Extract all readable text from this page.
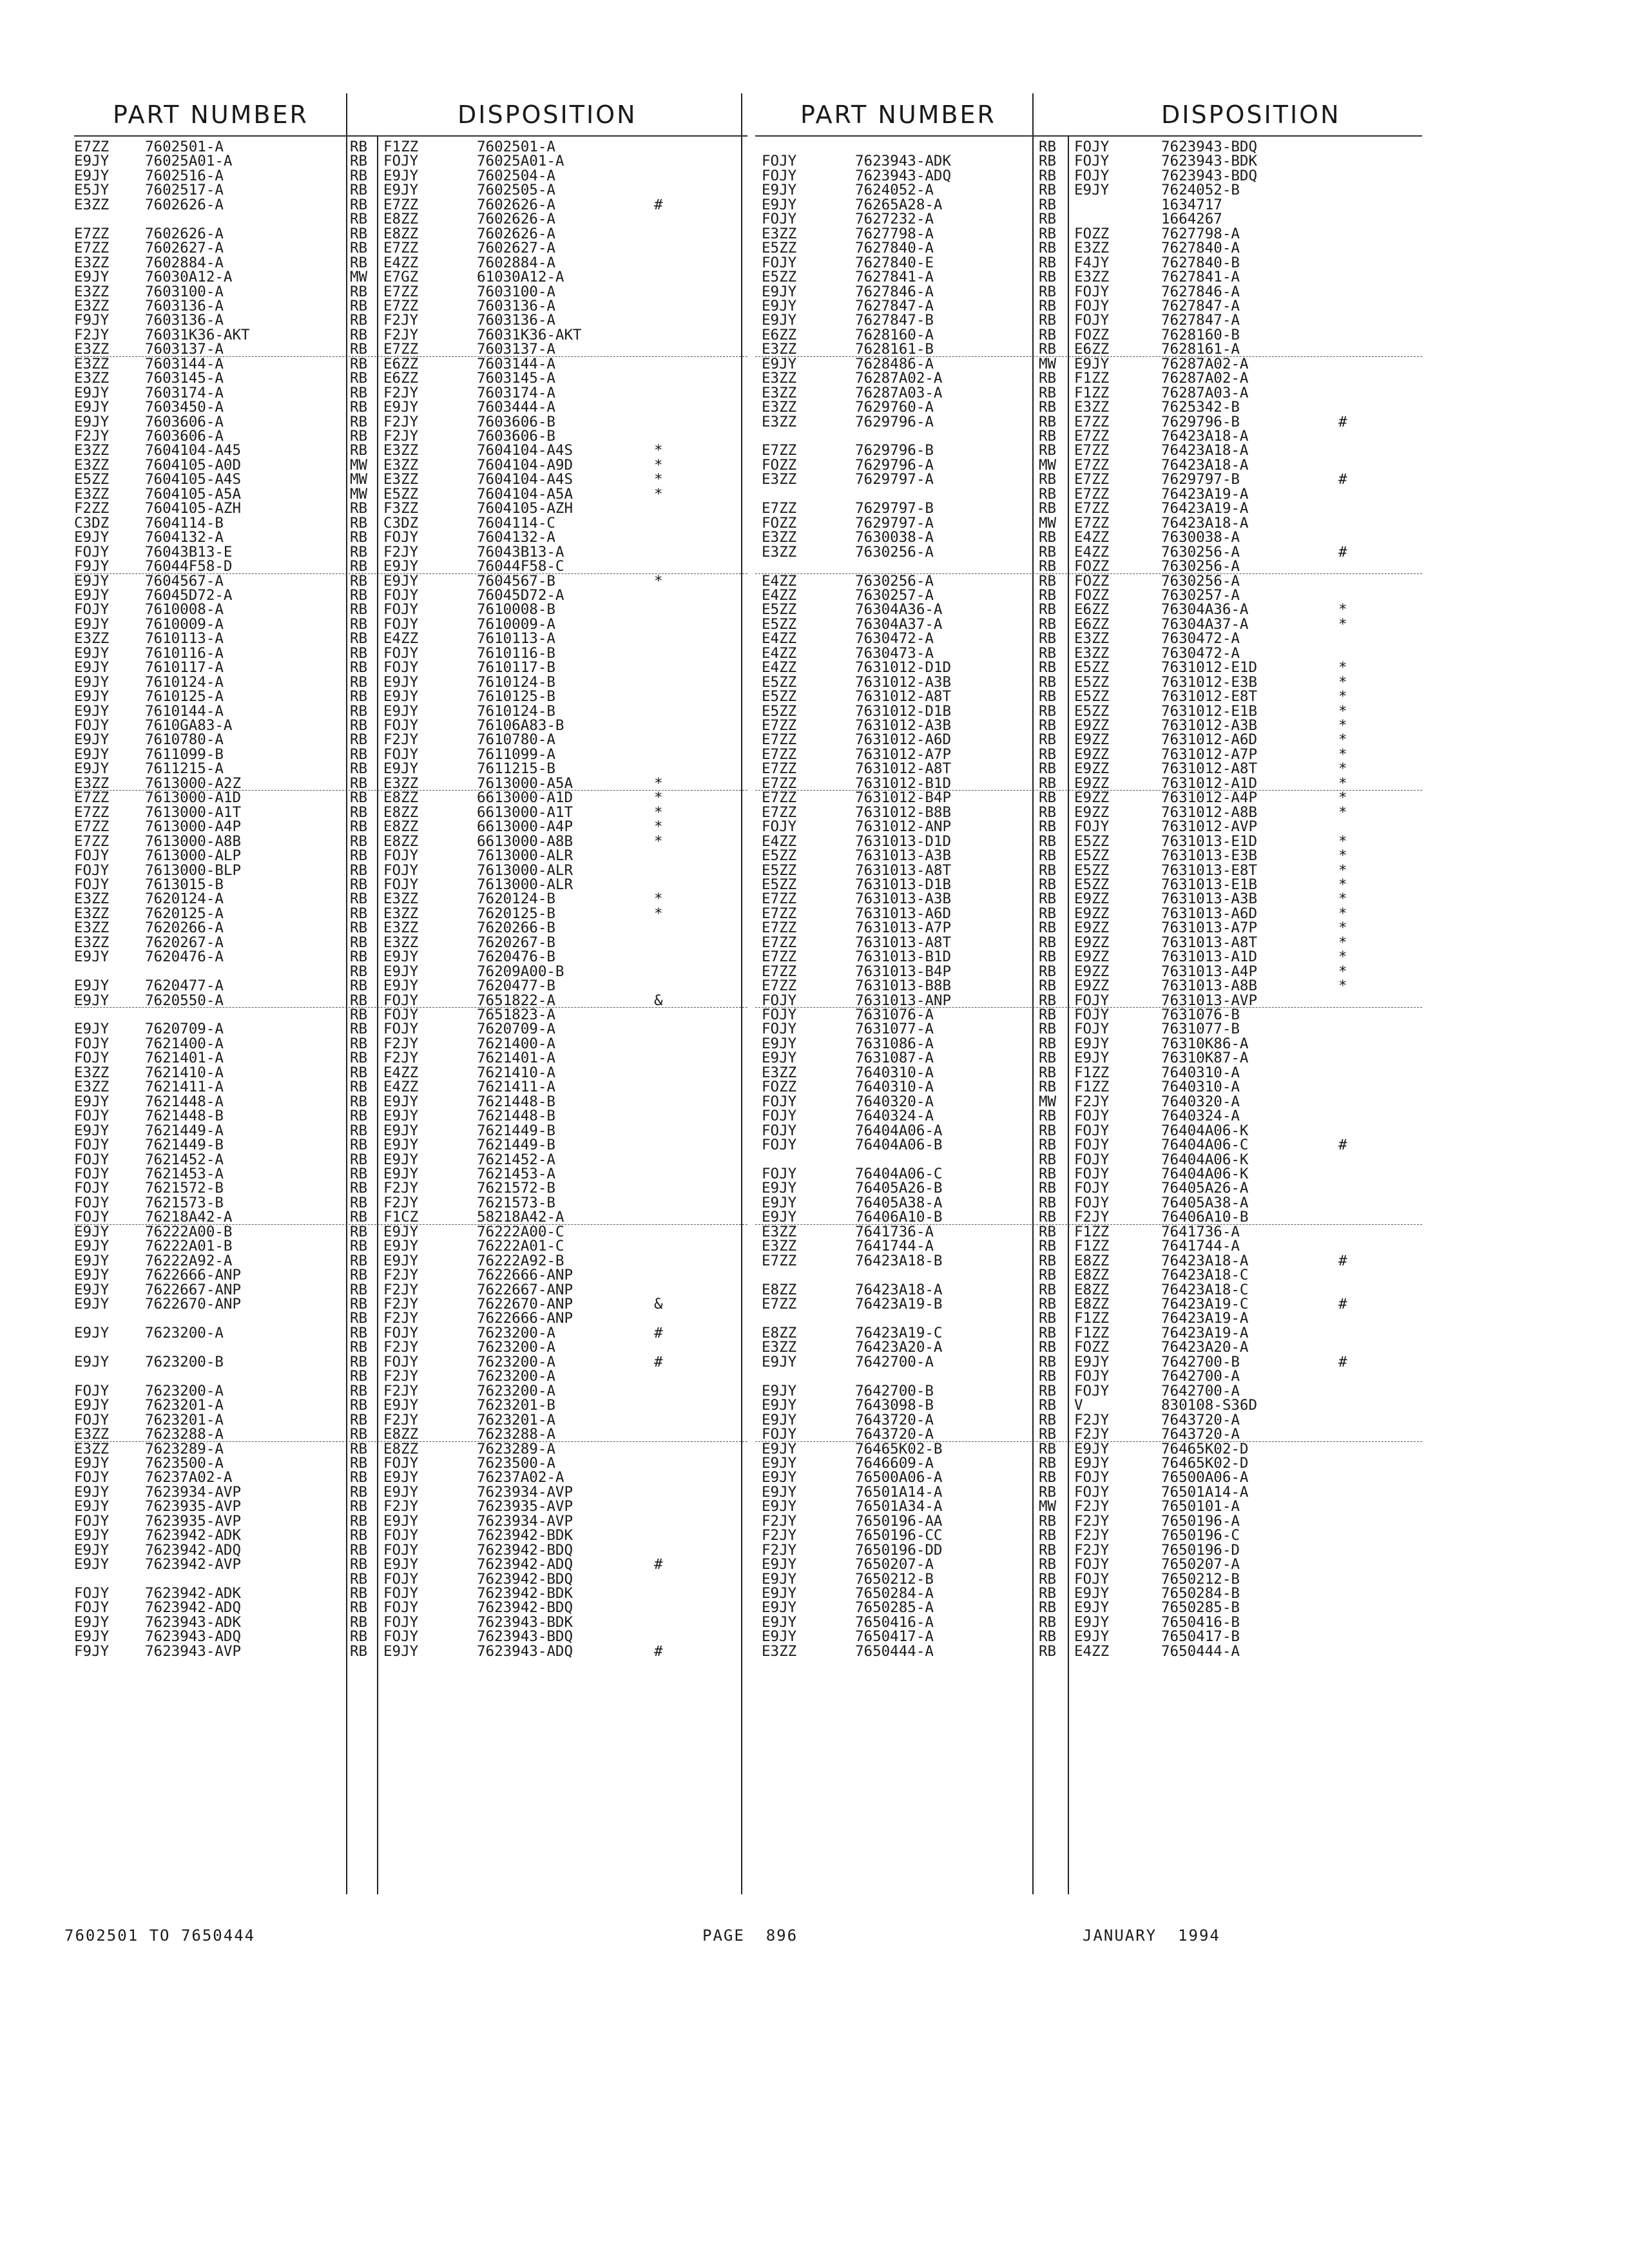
PART NUMBER	DISPOSITION
E7ZZ 7602501-A	RB F1ZZ	7602501-A
E9JY 76025A01-A	RB FOJY	76025A01-A
E9JY 7602516-A	RB E9JY	7602504-A
E5JY 7602517-A	RB E9JY	7602505-A
E3ZZ 7602626-A	RB E7ZZ	7602626-A	#
RB E8ZZ	7602626-A
E7ZZ 7602626-A	RB E8ZZ	7602626-A
E7ZZ 7602627-A	RB E7ZZ	7602627-A
E3ZZ 7602884-A	RB E4ZZ	7602884-A
E9JY 76030A12-A	MW E7GZ	61030A12-A
E3ZZ 7603100-A	RB E7ZZ	7603100-A
E3ZZ 7603136-A	RB E7ZZ	7603136-A
F9JY 7603136-A	RB F2JY	7603136-A
F2JY 76031K36-AKT	RB F2JY	76031K36-AKT
E3ZZ 7603137-A	RB E7ZZ	7603137-A
E3ZZ 7603144-A	RB E6ZZ	7603144-A
E3ZZ 7603145-A	RB E6ZZ	7603145-A
E9JY 7603174-A	RB F2JY	7603174-A
E9JY 7603450-A	RB E9JY	7603444-A
E9JY 7603606-A	RB F2JY	7603606-B
F2JY 7603606-A	RB F2JY	7603606-B
E3ZZ 7604104-A45	RB E3ZZ	7604104-A4S	*
E3ZZ 7604105-A0D	MW E3ZZ	7604104-A9D	*
E5ZZ 7604105-A4S	MW E3ZZ	7604104-A4S	*
E3ZZ 7604105-A5A	MW E5ZZ	7604104-A5A	*
F2ZZ 7604105-AZH	RB F3ZZ	7604105-AZH
C3DZ 7604114-B	RB C3DZ	7604114-C
E9JY 7604132-A	RB FOJY	7604132-A
FOJY 76043B13-E	RB F2JY	76043B13-A
F9JY 76044F58-D	RB E9JY	76044F58-C
E9JY 7604567-A	RB E9JY	7604567-B	*
E9JY 76045D72-A	RB FOJY	76045D72-A
FOJY 7610008-A	RB FOJY	7610008-B
E9JY 7610009-A	RB FOJY	7610009-A
E3ZZ 7610113-A	RB E4ZZ	7610113-A
E9JY 7610116-A	RB FOJY	7610116-B
E9JY 7610117-A	RB FOJY	7610117-B
E9JY 7610124-A	RB E9JY	7610124-B
E9JY 7610125-A	RB E9JY	7610125-B
E9JY 7610144-A	RB E9JY	7610124-B
FOJY 7610GA83-A	RB FOJY	76106A83-B
E9JY 7610780-A	RB F2JY	7610780-A
E9JY 7611099-B	RB FOJY	7611099-A
E9JY 7611215-A	RB E9JY	7611215-B
E3ZZ 7613000-A2Z	RB E3ZZ	7613000-A5A	*
E7ZZ 7613000-A1D	RB E8ZZ	6613000-A1D	*
E7ZZ 7613000-A1T	RB E8ZZ	6613000-A1T	*
E7ZZ 7613000-A4P	RB E8ZZ	6613000-A4P	*
E7ZZ 7613000-A8B	RB E8ZZ	6613000-A8B	*
FOJY 7613000-ALP	RB FOJY	7613000-ALR
FOJY 7613000-BLP	RB FOJY	7613000-ALR
FOJY 7613015-B	RB FOJY	7613000-ALR
E3ZZ 7620124-A	RB E3ZZ	7620124-B	*
E3ZZ 7620125-A	RB E3ZZ	7620125-B	*
E3ZZ 7620266-A	RB E3ZZ	7620266-B
E3ZZ 7620267-A	RB E3ZZ	7620267-B
E9JY 7620476-A	RB E9JY	7620476-B
RB E9JY	76209A00-B
E9JY 7620477-A	RB E9JY	7620477-B
E9JY 7620550-A	RB FOJY	7651822-A	&
RB FOJY	7651823-A
E9JY 7620709-A	RB FOJY	7620709-A
FOJY 7621400-A	RB F2JY	7621400-A
FOJY 7621401-A	RB F2JY	7621401-A
E3ZZ 7621410-A	RB E4ZZ	7621410-A
E3ZZ 7621411-A	RB E4ZZ	7621411-A
E9JY 7621448-A	RB E9JY	7621448-B
FOJY 7621448-B	RB E9JY	7621448-B
E9JY 7621449-A	RB E9JY	7621449-B
FOJY 7621449-B	RB E9JY	7621449-B
FOJY 7621452-A	RB E9JY	7621452-A
FOJY 7621453-A	RB E9JY	7621453-A
FOJY 7621572-B	RB F2JY	7621572-B
FOJY 7621573-B	RB F2JY	7621573-B
FOJY 76218A42-A	RB F1CZ	58218A42-A
E9JY 76222A00-B	RB E9JY	76222A00-C
E9JY 76222A01-B	RB E9JY	76222A01-C
E9JY 76222A92-A	RB E9JY	76222A92-B
E9JY 7622666-ANP	RB F2JY	7622666-ANP
E9JY 7622667-ANP	RB F2JY	7622667-ANP
E9JY 7622670-ANP	RB F2JY	7622670-ANP	&
RB F2JY	7622666-ANP
E9JY 7623200-A	RB FOJY	7623200-A	#
RB F2JY	7623200-A
E9JY 7623200-B	RB FOJY	7623200-A	#
RB F2JY	7623200-A
FOJY 7623200-A	RB F2JY	7623200-A
E9JY 7623201-A	RB E9JY	7623201-B
FOJY 7623201-A	RB F2JY	7623201-A
E3ZZ 7623288-A	RB E8ZZ	7623288-A
E3ZZ 7623289-A	RB E8ZZ	7623289-A
E9JY 7623500-A	RB FOJY	7623500-A
FOJY 76237A02-A	RB E9JY	76237A02-A
E9JY 7623934-AVP	RB E9JY	7623934-AVP
E9JY 7623935-AVP	RB F2JY	7623935-AVP
FOJY 7623935-AVP	RB E9JY	7623934-AVP
E9JY 7623942-ADK	RB FOJY	7623942-BDK
E9JY 7623942-ADQ	RB FOJY	7623942-BDQ
E9JY 7623942-AVP	RB E9JY	7623942-ADQ	#
RB FOJY	7623942-BDQ
FOJY 7623942-ADK	RB FOJY	7623942-BDK
FOJY 7623942-ADQ	RB FOJY	7623942-BDQ
E9JY 7623943-ADK	RB FOJY	7623943-BDK
E9JY 7623943-ADQ	RB FOJY	7623943-BDQ
F9JY 7623943-AVP	RB E9JY	7623943-ADQ	#
PART NUMBER	DISPOSITION
RB FOJY	7623943-BDQ
FOJY	7623943-ADK	RB FOJY	7623943-BDK
FOJY	7623943-ADQ	RB FOJY	7623943-BDQ
E9JY	7624052-A	RB E9JY	7624052-B
E9JY	76265A28-A	RB	1634717
FOJY	7627232-A	RB	1664267
E3ZZ	7627798-A	RB FOZZ	7627798-A
E5ZZ	7627840-A	RB E3ZZ	7627840-A
FOJY	7627840-E	RB F4JY	7627840-B
E5ZZ	7627841-A	RB E3ZZ	7627841-A
E9JY	7627846-A	RB FOJY	7627846-A
E9JY	7627847-A	RB FOJY	7627847-A
E9JY	7627847-B	RB FOJY	7627847-A
E6ZZ	7628160-A	RB FOZZ	7628160-B
E3ZZ	7628161-B	RB E6ZZ	7628161-A
E9JY	7628486-A	MW E9JY	76287A02-A
E3ZZ	76287A02-A	RB F1ZZ	76287A02-A
E3ZZ	76287A03-A	RB F1ZZ	76287A03-A
E3ZZ	7629760-A	RB E3ZZ	7625342-B
E3ZZ	7629796-A	RB E7ZZ	7629796-B	#
RB E7ZZ	76423A18-A
E7ZZ	7629796-B	RB E7ZZ	76423A18-A
FOZZ	7629796-A	MW E7ZZ	76423A18-A
E3ZZ	7629797-A	RB E7ZZ	7629797-B	#
RB E7ZZ	76423A19-A
E7ZZ	7629797-B	RB E7ZZ	76423A19-A
FOZZ	7629797-A	MW E7ZZ	76423A18-A
E3ZZ	7630038-A	RB E4ZZ	7630038-A
E3ZZ	7630256-A	RB E4ZZ	7630256-A	#
RB FOZZ	7630256-A
E4ZZ	7630256-A	RB FOZZ	7630256-A
E4ZZ	7630257-A	RB FOZZ	7630257-A
E5ZZ	76304A36-A	RB E6ZZ	76304A36-A	*
E5ZZ	76304A37-A	RB E6ZZ	76304A37-A	*
E4ZZ	7630472-A	RB E3ZZ	7630472-A
E4ZZ	7630473-A	RB E3ZZ	7630472-A
E4ZZ	7631012-D1D	RB E5ZZ	7631012-E1D	*
E5ZZ	7631012-A3B	RB E5ZZ	7631012-E3B	*
E5ZZ	7631012-A8T	RB E5ZZ	7631012-E8T	*
E5ZZ	7631012-D1B	RB E5ZZ	7631012-E1B	*
E7ZZ	7631012-A3B	RB E9ZZ	7631012-A3B	*
E7ZZ	7631012-A6D	RB E9ZZ	7631012-A6D	*
E7ZZ	7631012-A7P	RB E9ZZ	7631012-A7P	*
E7ZZ	7631012-A8T	RB E9ZZ	7631012-A8T	*
E7ZZ	7631012-B1D	RB E9ZZ	7631012-A1D	*
E7ZZ	7631012-B4P	RB E9ZZ	7631012-A4P	*
E7ZZ	7631012-B8B	RB E9ZZ	7631012-A8B	*
FOJY	7631012-ANP	RB FOJY	7631012-AVP
E4ZZ	7631013-D1D	RB E5ZZ	7631013-E1D	*
E5ZZ	7631013-A3B	RB E5ZZ	7631013-E3B	*
E5ZZ	7631013-A8T	RB E5ZZ	7631013-E8T	*
E5ZZ	7631013-D1B	RB E5ZZ	7631013-E1B	*
E7ZZ	7631013-A3B	RB E9ZZ	7631013-A3B	*
E7ZZ	7631013-A6D	RB E9ZZ	7631013-A6D	*
E7ZZ	7631013-A7P	RB E9ZZ	7631013-A7P	*
E7ZZ	7631013-A8T	RB E9ZZ	7631013-A8T	*
E7ZZ	7631013-B1D	RB E9ZZ	7631013-A1D	*
E7ZZ	7631013-B4P	RB E9ZZ	7631013-A4P	*
E7ZZ	7631013-B8B	RB E9ZZ	7631013-A8B	*
FOJY	7631013-ANP	RB FOJY	7631013-AVP
FOJY	7631076-A	RB FOJY	7631076-B
FOJY	7631077-A	RB FOJY	7631077-B
E9JY	7631086-A	RB E9JY	76310K86-A
E9JY	7631087-A	RB E9JY	76310K87-A
E3ZZ	7640310-A	RB F1ZZ	7640310-A
FOZZ	7640310-A	RB F1ZZ	7640310-A
FOJY	7640320-A	MW F2JY	7640320-A
FOJY	7640324-A	RB FOJY	7640324-A
FOJY	76404A06-A	RB FOJY	76404A06-K
FOJY	76404A06-B	RB FOJY	76404A06-C	#
RB FOJY	76404A06-K
FOJY	76404A06-C	RB FOJY	76404A06-K
E9JY	76405A26-B	RB FOJY	76405A26-A
E9JY	76405A38-A	RB FOJY	76405A38-A
E9JY	76406A10-B	RB F2JY	76406A10-B
E3ZZ	7641736-A	RB F1ZZ	7641736-A
E3ZZ	7641744-A	RB F1ZZ	7641744-A
E7ZZ	76423A18-B	RB E8ZZ	76423A18-A	#
RB E8ZZ	76423A18-C
E8ZZ	76423A18-A	RB E8ZZ	76423A18-C
E7ZZ	76423A19-B	RB E8ZZ	76423A19-C	#
RB F1ZZ	76423A19-A
E8ZZ	76423A19-C	RB F1ZZ	76423A19-A
E3ZZ	76423A20-A	RB FOZZ	76423A20-A
E9JY	7642700-A	RB E9JY	7642700-B	#
RB FOJY	7642700-A
E9JY	7642700-B	RB FOJY	7642700-A
E9JY	7643098-B	RB V	830108-S36D
E9JY	7643720-A	RB F2JY	7643720-A
FOJY	7643720-A	RB F2JY	7643720-A
E9JY	76465K02-B	RB E9JY	76465K02-D
E9JY	7646609-A	RB E9JY	76465K02-D
E9JY	76500A06-A	RB FOJY	76500A06-A
E9JY	76501A14-A	RB FOJY	76501A14-A
E9JY	76501A34-A	MW F2JY	7650101-A
F2JY	7650196-AA	RB F2JY	7650196-A
F2JY	7650196-CC	RB F2JY	7650196-C
F2JY	7650196-DD	RB F2JY	7650196-D
E9JY	7650207-A	RB FOJY	7650207-A
E9JY	7650212-B	RB FOJY	7650212-B
E9JY	7650284-A	RB E9JY	7650284-B
E9JY	7650285-A	RB E9JY	7650285-B
E9JY	7650416-A	RB E9JY	7650416-B
E9JY	7650417-A	RB E9JY	7650417-B
E3ZZ	7650444-A	RB E4ZZ	7650444-A
7602501 TO 7650444	PAGE  896	JANUARY  1994
